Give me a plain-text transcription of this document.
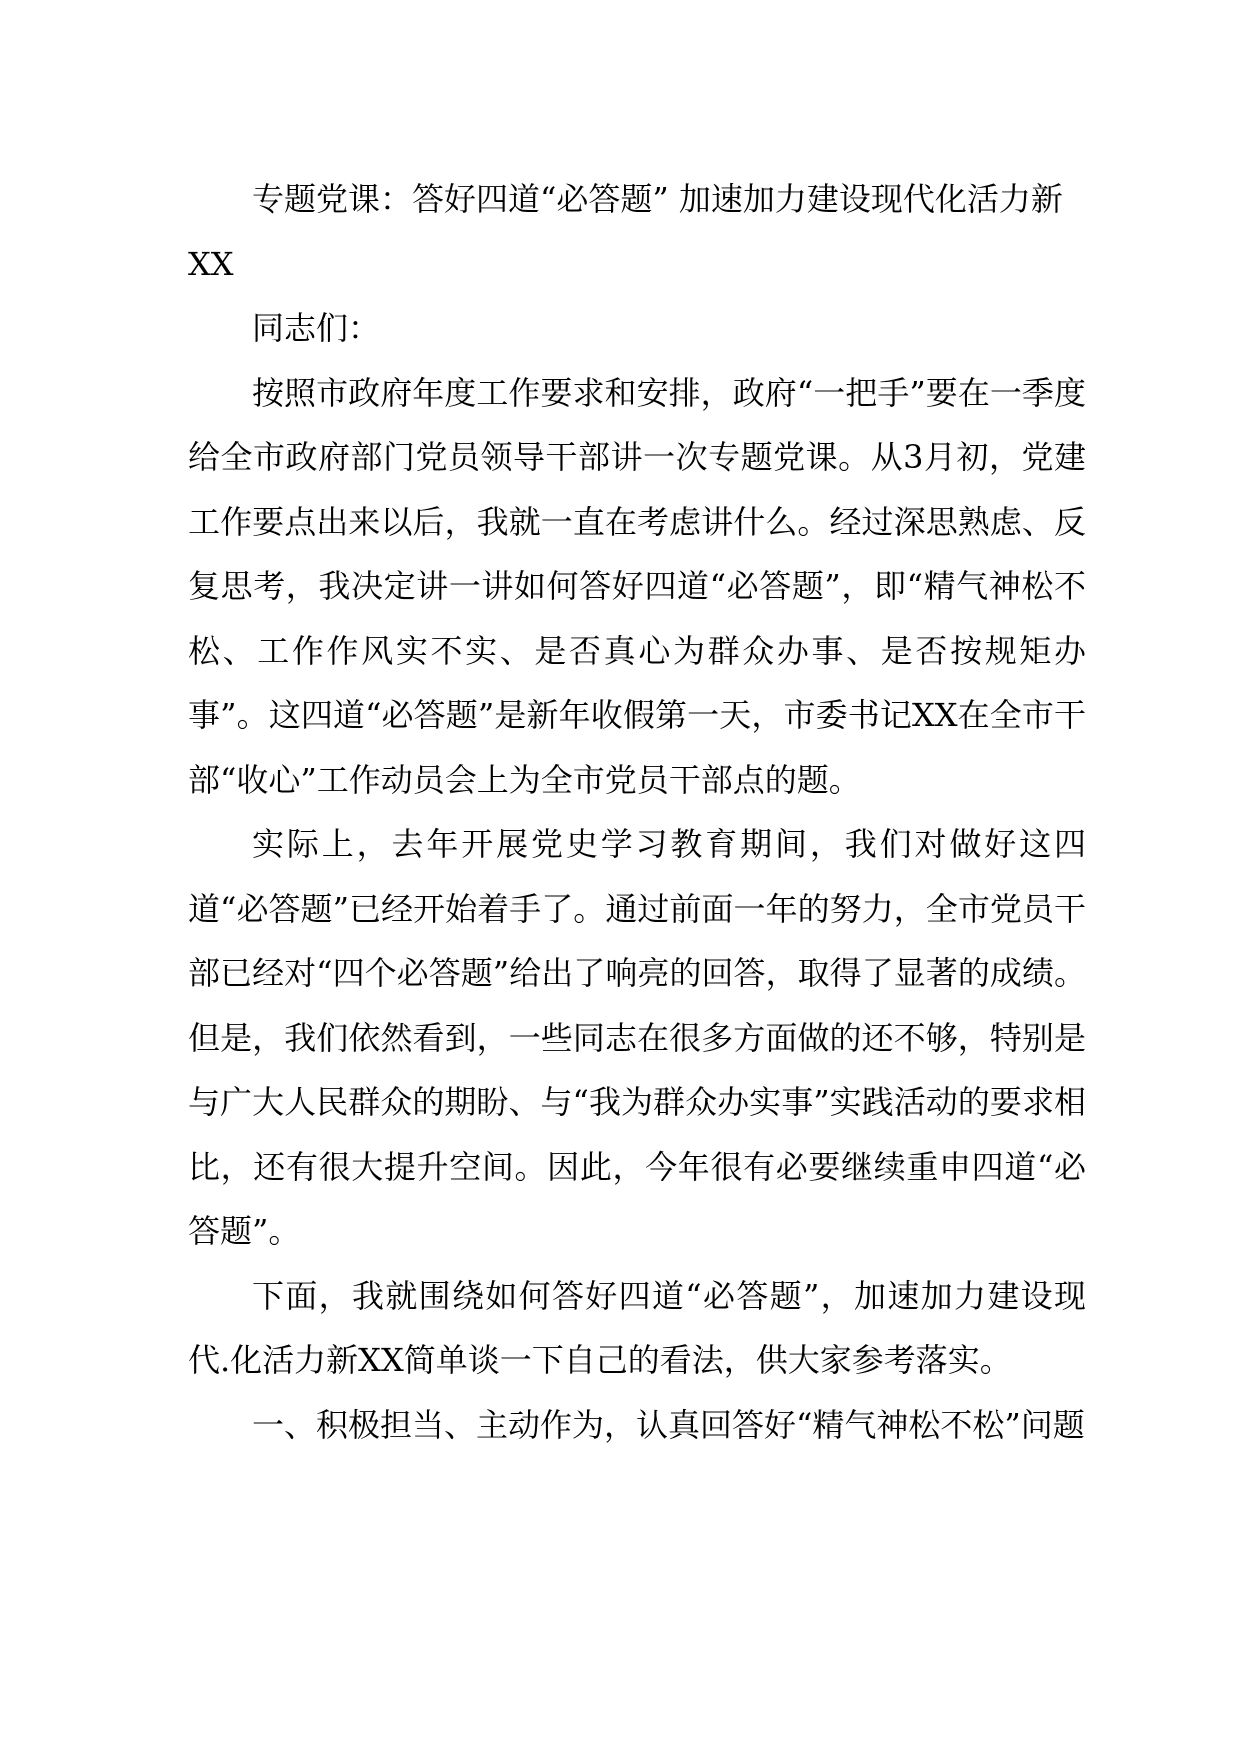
专题党课：答好四道“必答题” 加速加力建设现代化活力新XX

同志们：

按照市政府年度工作要求和安排，政府“一把手”要在一季度给全市政府部门党员领导干部讲一次专题党课。从3月初，党建工作要点出来以后，我就一直在考虑讲什么。经过深思熟虑、反复思考，我决定讲一讲如何答好四道“必答题”，即“精气神松不松、工作作风实不实、是否真心为群众办事、是否按规矩办事”。这四道“必答题”是新年收假第一天，市委书记XX在全市干部“收心”工作动员会上为全市党员干部点的题。

实际上，去年开展党史学习教育期间，我们对做好这四道“必答题”已经开始着手了。通过前面一年的努力，全市党员干部已经对“四个必答题”给出了响亮的回答，取得了显著的成绩。但是，我们依然看到，一些同志在很多方面做的还不够，特别是与广大人民群众的期盼、与“我为群众办实事”实践活动的要求相比，还有很大提升空间。因此，今年很有必要继续重申四道“必答题”。

下面，我就围绕如何答好四道“必答题”，加速加力建设现代.化活力新XX简单谈一下自己的看法，供大家参考落实。

一、积极担当、主动作为，认真回答好“精气神松不松”问题
